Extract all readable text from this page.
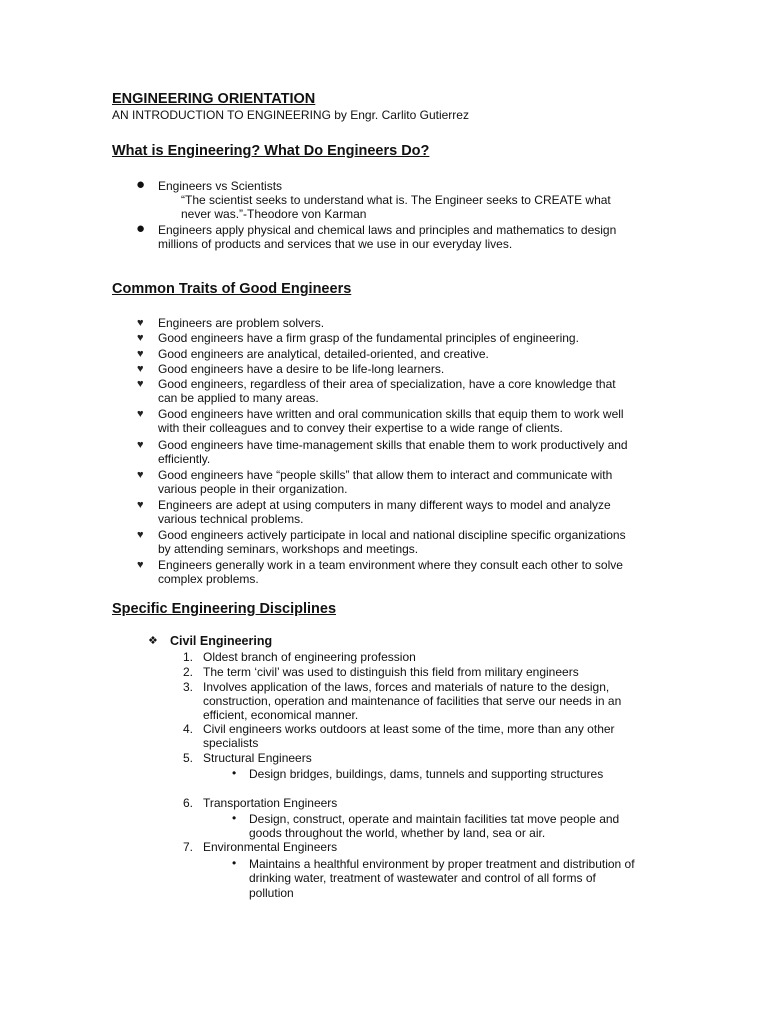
ENGINEERING ORIENTATION
AN INTRODUCTION TO ENGINEERING by Engr. Carlito Gutierrez
What is Engineering? What Do Engineers Do?
● Engineers vs Scientists
“The scientist seeks to understand what is. The Engineer seeks to CREATE what
never was.”-Theodore von Karman
● Engineers apply physical and chemical laws and principles and mathematics to design
millions of products and services that we use in our everyday lives.
Common Traits of Good Engineers
♥ Engineers are problem solvers.
♥ Good engineers have a firm grasp of the fundamental principles of engineering.
♥ Good engineers are analytical, detailed-oriented, and creative.
♥ Good engineers have a desire to be life-long learners.
♥ Good engineers, regardless of their area of specialization, have a core knowledge that
can be applied to many areas.
♥ Good engineers have written and oral communication skills that equip them to work well
with their colleagues and to convey their expertise to a wide range of clients.
♥ Good engineers have time-management skills that enable them to work productively and
efficiently.
♥ Good engineers have “people skills” that allow them to interact and communicate with
various people in their organization.
♥ Engineers are adept at using computers in many different ways to model and analyze
various technical problems.
♥ Good engineers actively participate in local and national discipline specific organizations
by attending seminars, workshops and meetings.
♥ Engineers generally work in a team environment where they consult each other to solve
complex problems.
Specific Engineering Disciplines
❖ Civil Engineering
1. Oldest branch of engineering profession
2. The term ‘civil’ was used to distinguish this field from military engineers
3. Involves application of the laws, forces and materials of nature to the design,
construction, operation and maintenance of facilities that serve our needs in an
efficient, economical manner.
4. Civil engineers works outdoors at least some of the time, more than any other
specialists
5. Structural Engineers
• Design bridges, buildings, dams, tunnels and supporting structures
6. Transportation Engineers
• Design, construct, operate and maintain facilities tat move people and
goods throughout the world, whether by land, sea or air.
7. Environmental Engineers
• Maintains a healthful environment by proper treatment and distribution of
drinking water, treatment of wastewater and control of all forms of
pollution
